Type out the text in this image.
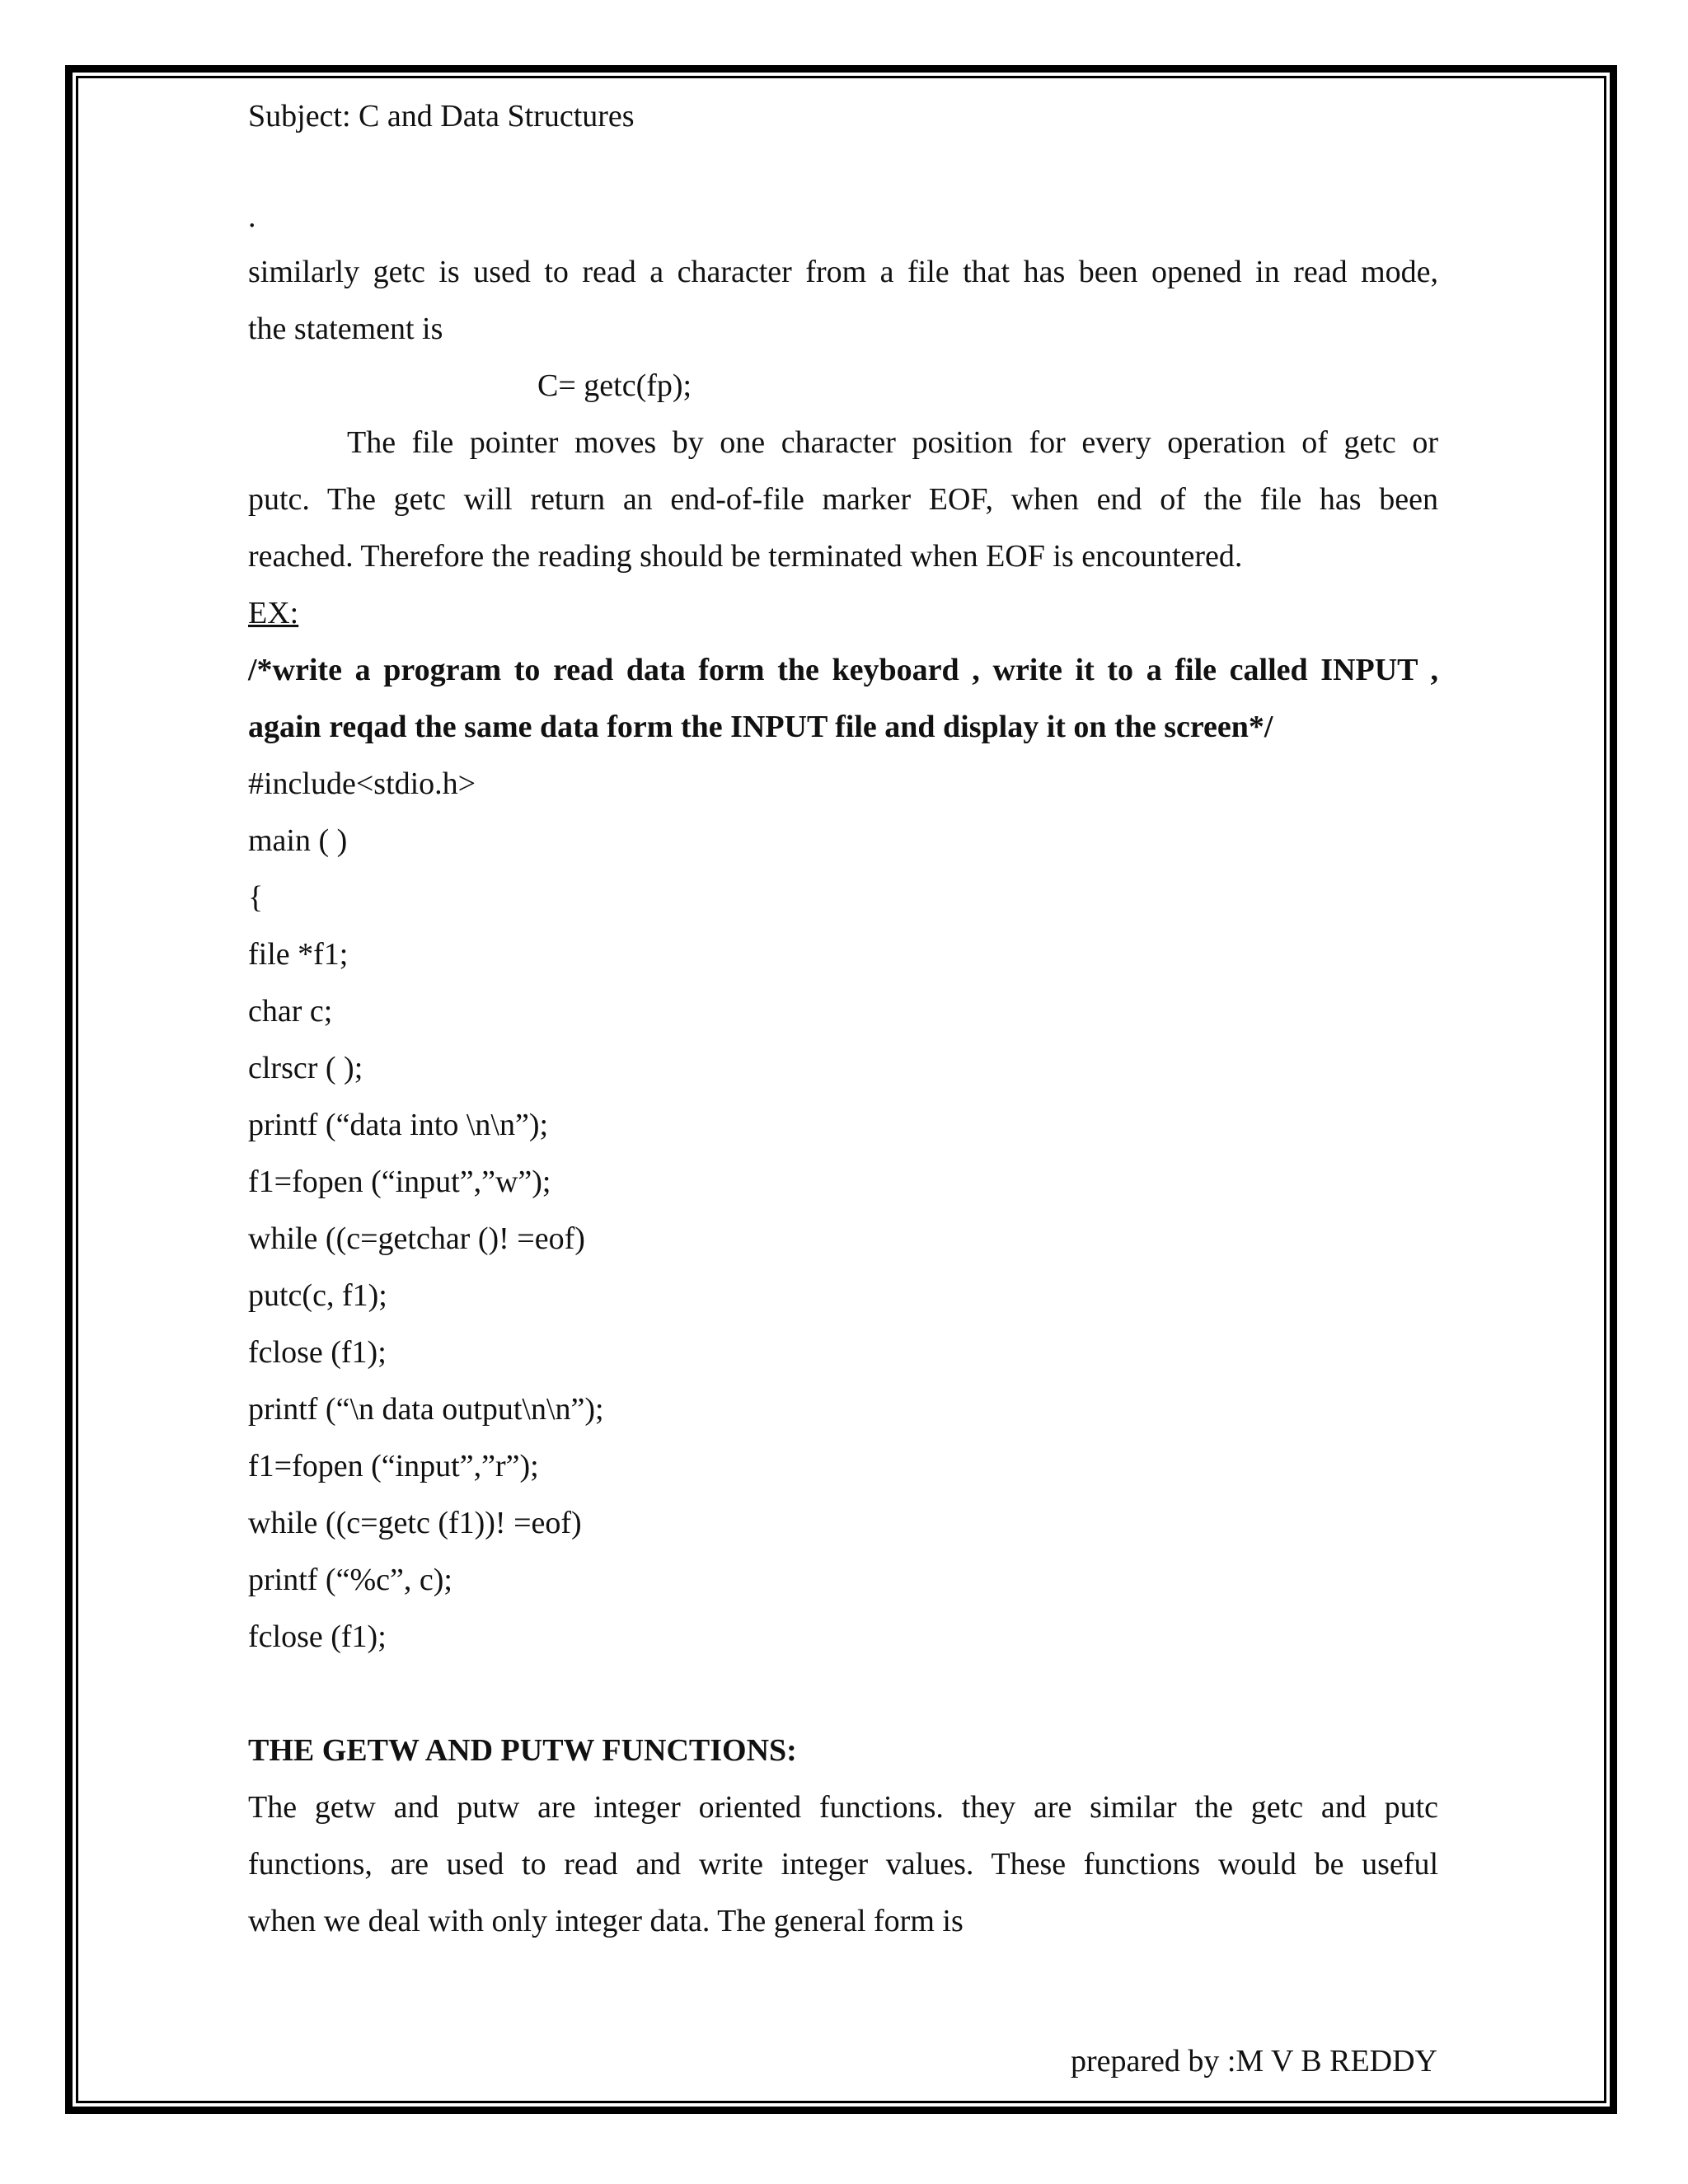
Subject: C and Data Structures
.
similarly getc is used to read a character from a file that has been opened in read mode,
the statement is
C= getc(fp);
The file pointer moves by one character position for every operation of getc or
putc. The getc will return an end-of-file marker EOF, when end of the file has been
reached. Therefore the reading should be terminated when EOF is encountered.
EX:
/*write a program to read data form the keyboard , write it to a file called INPUT ,
again reqad the same data form the INPUT file and display it on the screen*/
#include<stdio.h>
main ( )
{
file *f1;
char c;
clrscr ( );
printf (“data into \n\n”);
f1=fopen (“input”,”w”);
while ((c=getchar ()! =eof)
putc(c, f1);
fclose (f1);
printf (“\n data output\n\n”);
f1=fopen (“input”,”r”);
while ((c=getc (f1))! =eof)
printf (“%c”, c);
fclose (f1);
THE GETW AND PUTW FUNCTIONS:
The getw and putw are integer oriented functions. they are similar the getc and putc
functions, are used to read and write integer values. These functions would be useful
when we deal with only integer data. The general form is
prepared by :M V B REDDY
